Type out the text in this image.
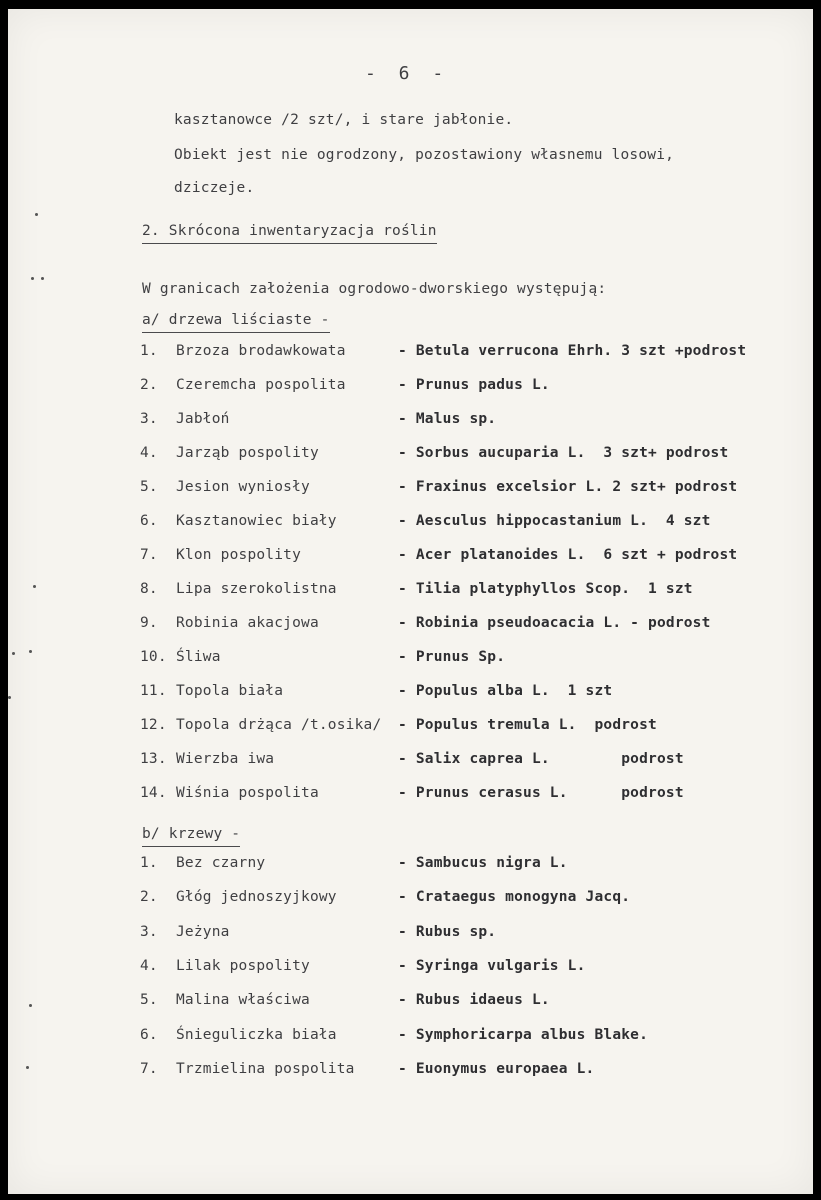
- 6 -
kasztanowce /2 szt/, i stare jabłonie.
Obiekt jest nie ogrodzony, pozostawiony własnemu losowi,
dziczeje.
2. Skrócona inwentaryzacja roślin
W granicach założenia ogrodowo-dworskiego występują:
a/ drzewa liściaste -
1. Brzoza brodawkowata	- Betula verrucona Ehrh. 3 szt +podrost
2. Czeremcha pospolita	- Prunus padus L.
3. Jabłoń	- Malus sp.
4. Jarząb pospolity	- Sorbus aucuparia L.  3 szt+ podrost
5. Jesion wyniosły	- Fraxinus excelsior L. 2 szt+ podrost
6. Kasztanowiec biały	- Aesculus hippocastanium L.  4 szt
7. Klon pospolity	- Acer platanoides L.  6 szt + podrost
8. Lipa szerokolistna	- Tilia platyphyllos Scop.  1 szt
9. Robinia akacjowa	- Robinia pseudoacacia L. - podrost
10. Śliwa	- Prunus Sp.
11. Topola biała	- Populus alba L.  1 szt
12. Topola drżąca /t.osika/ - Populus tremula L.  podrost
13. Wierzba iwa	- Salix caprea L.        podrost
14. Wiśnia pospolita	- Prunus cerasus L.      podrost
b/ krzewy -
1. Bez czarny	- Sambucus nigra L.
2. Głóg jednoszyjkowy	- Crataegus monogyna Jacq.
3. Jeżyna	- Rubus sp.
4. Lilak pospolity	- Syringa vulgaris L.
5. Malina właściwa	- Rubus idaeus L.
6. Śnieguliczka biała	- Symphoricarpa albus Blake.
7. Trzmielina pospolita	- Euonymus europaea L.
